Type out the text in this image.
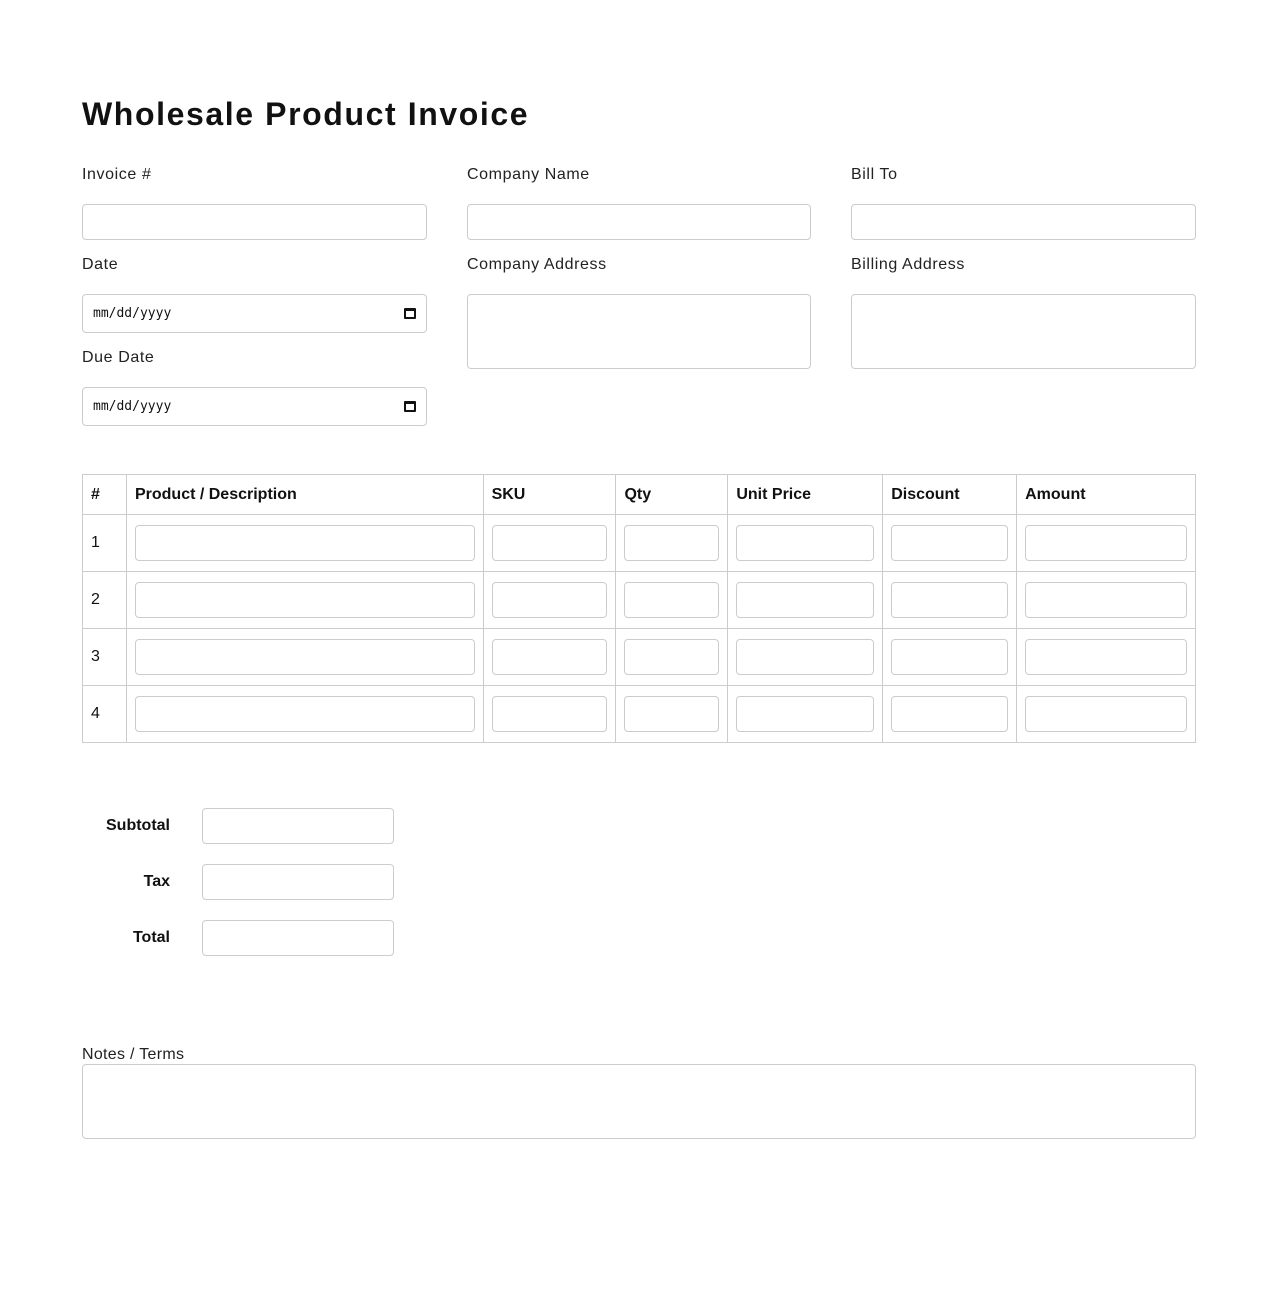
Wholesale Product Invoice
Invoice #	Company Name	Bill To
Date	Company Address	Billing Address
mm/dd/yyyy
Due Date
mm/dd/yyyy
#	Product / Description	SKU	Qty	Unit Price	Discount	Amount
1	

2	

3	

4	

Subtotal
Tax
Total
Notes / Terms
